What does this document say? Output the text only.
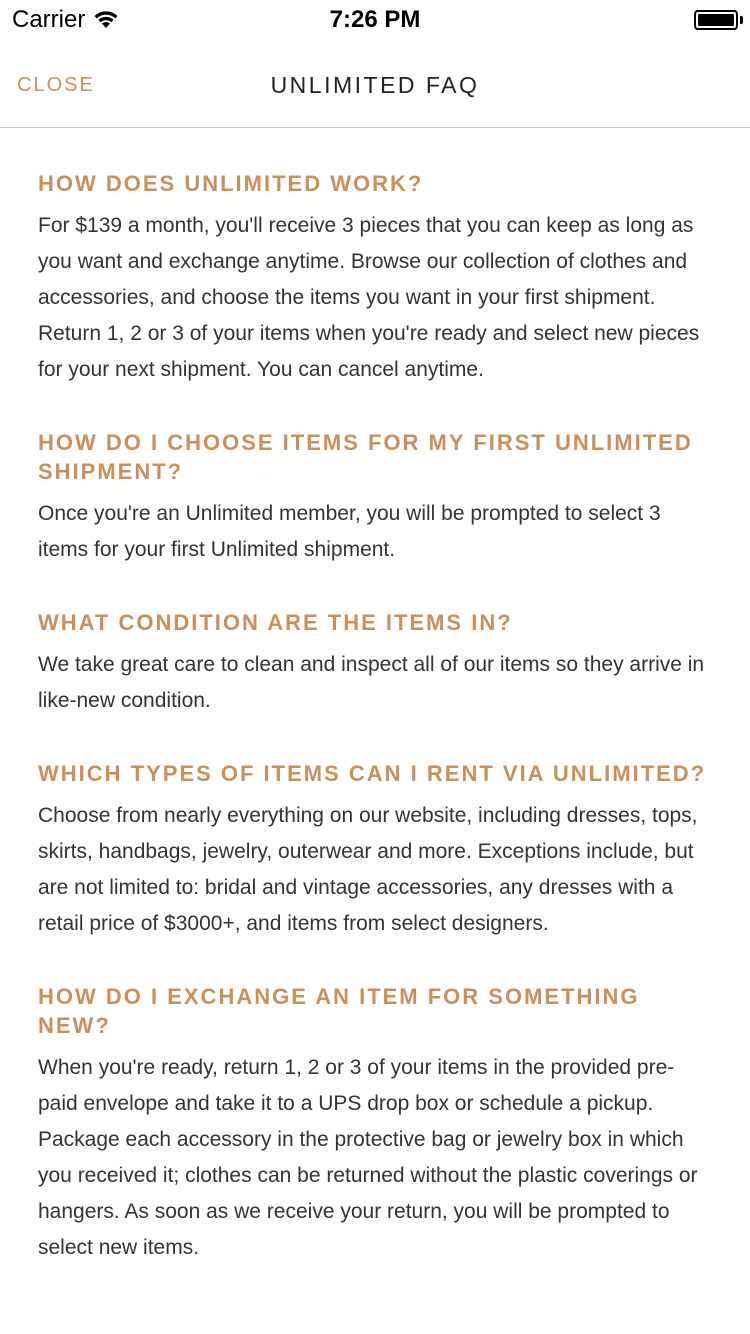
Carrier	7:26 PM
CLOSE	UNLIMITED FAQ
HOW DOES UNLIMITED WORK?

For $139 a month, you'll receive 3 pieces that you can keep as long as you want and exchange anytime. Browse our collection of clothes and accessories, and choose the items you want in your first shipment. Return 1, 2 or 3 of your items when you're ready and select new pieces for your next shipment. You can cancel anytime.

HOW DO I CHOOSE ITEMS FOR MY FIRST UNLIMITED SHIPMENT?

Once you're an Unlimited member, you will be prompted to select 3 items for your first Unlimited shipment.

WHAT CONDITION ARE THE ITEMS IN?

We take great care to clean and inspect all of our items so they arrive in like-new condition.

WHICH TYPES OF ITEMS CAN I RENT VIA UNLIMITED?

Choose from nearly everything on our website, including dresses, tops, skirts, handbags, jewelry, outerwear and more. Exceptions include, but are not limited to: bridal and vintage accessories, any dresses with a retail price of $3000+, and items from select designers.

HOW DO I EXCHANGE AN ITEM FOR SOMETHING NEW?

When you're ready, return 1, 2 or 3 of your items in the provided pre-paid envelope and take it to a UPS drop box or schedule a pickup. Package each accessory in the protective bag or jewelry box in which you received it; clothes can be returned without the plastic coverings or hangers. As soon as we receive your return, you will be prompted to select new items.
